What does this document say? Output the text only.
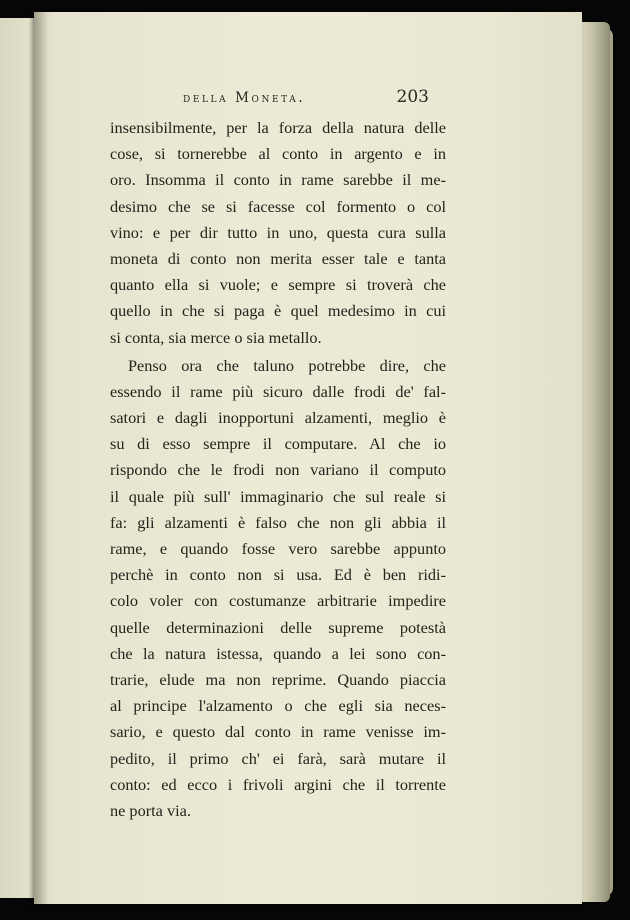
della Moneta.	203
insensibilmente, per la forza della natura delle
cose, si tornerebbe al conto in argento e in
oro. Insomma il conto in rame sarebbe il me-
desimo che se si facesse col formento o col
vino: e per dir tutto in uno, questa cura sulla
moneta di conto non merita esser tale e tanta
quanto ella si vuole; e sempre si troverà che
quello in che si paga è quel medesimo in cui
si conta, sia merce o sia metallo.
Penso ora che taluno potrebbe dire, che
essendo il rame più sicuro dalle frodi de' fal-
satori e dagli inopportuni alzamenti, meglio è
su di esso sempre il computare. Al che io
rispondo che le frodi non variano il computo
il quale più sull' immaginario che sul reale si
fa: gli alzamenti è falso che non gli abbia il
rame, e quando fosse vero sarebbe appunto
perchè in conto non si usa. Ed è ben ridi-
colo voler con costumanze arbitrarie impedire
quelle determinazioni delle supreme potestà
che la natura istessa, quando a lei sono con-
trarie, elude ma non reprime. Quando piaccia
al principe l'alzamento o che egli sia neces-
sario, e questo dal conto in rame venisse im-
pedito, il primo ch' ei farà, sarà mutare il
conto: ed ecco i frivoli argini che il torrente
ne porta via.
